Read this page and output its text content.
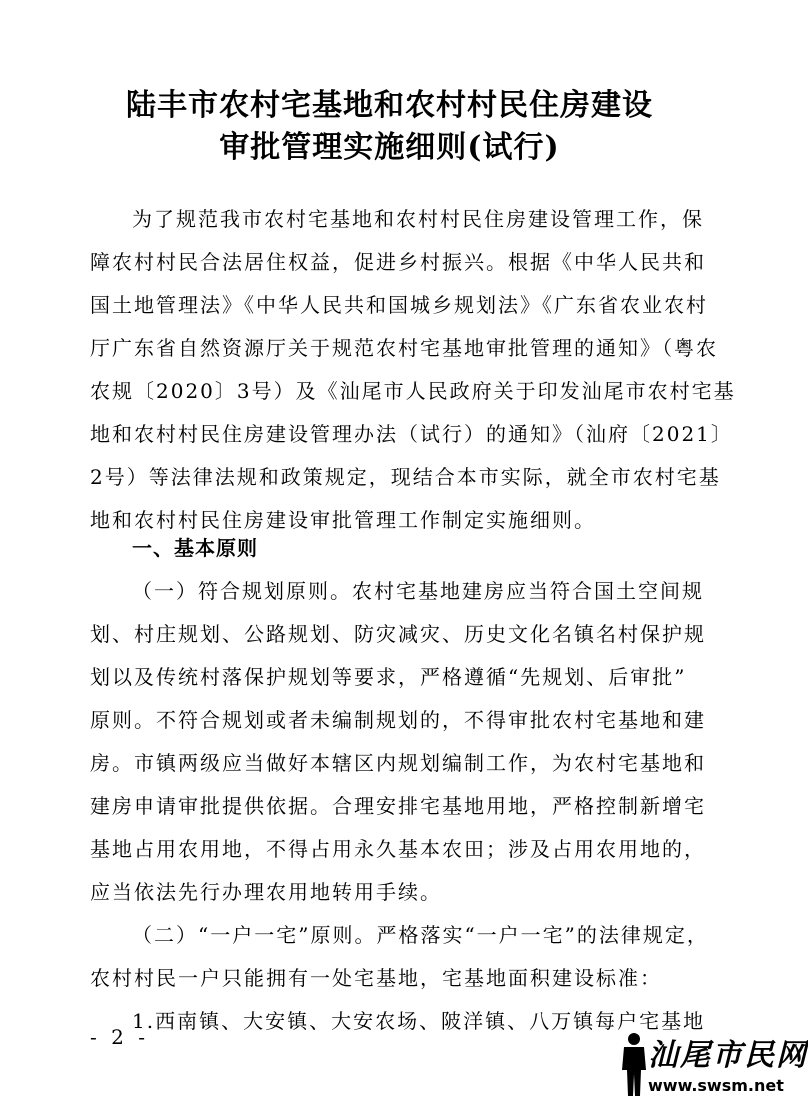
陆丰市农村宅基地和农村村民住房建设
审批管理实施细则(试行)
为了规范我市农村宅基地和农村村民住房建设管理工作，保
障农村村民合法居住权益，促进乡村振兴。根据《中华人民共和
国土地管理法》《中华人民共和国城乡规划法》《广东省农业农村
厅广东省自然资源厅关于规范农村宅基地审批管理的通知》（粤农
农规〔2020〕3号）及《汕尾市人民政府关于印发汕尾市农村宅基
地和农村村民住房建设管理办法（试行）的通知》（汕府〔2021〕
2号）等法律法规和政策规定，现结合本市实际，就全市农村宅基
地和农村村民住房建设审批管理工作制定实施细则。
一、基本原则
（一）符合规划原则。农村宅基地建房应当符合国土空间规
划、村庄规划、公路规划、防灾减灾、历史文化名镇名村保护规
划以及传统村落保护规划等要求，严格遵循“先规划、后审批”
原则。不符合规划或者未编制规划的，不得审批农村宅基地和建
房。市镇两级应当做好本辖区内规划编制工作，为农村宅基地和
建房申请审批提供依据。合理安排宅基地用地，严格控制新增宅
基地占用农用地，不得占用永久基本农田；涉及占用农用地的，
应当依法先行办理农用地转用手续。
（二）“一户一宅”原则。严格落实“一户一宅”的法律规定，
农村村民一户只能拥有一处宅基地，宅基地面积建设标准：
1.西南镇、大安镇、大安农场、陂洋镇、八万镇每户宅基地
- 2 -
汕尾市民网
www.swsm.net
